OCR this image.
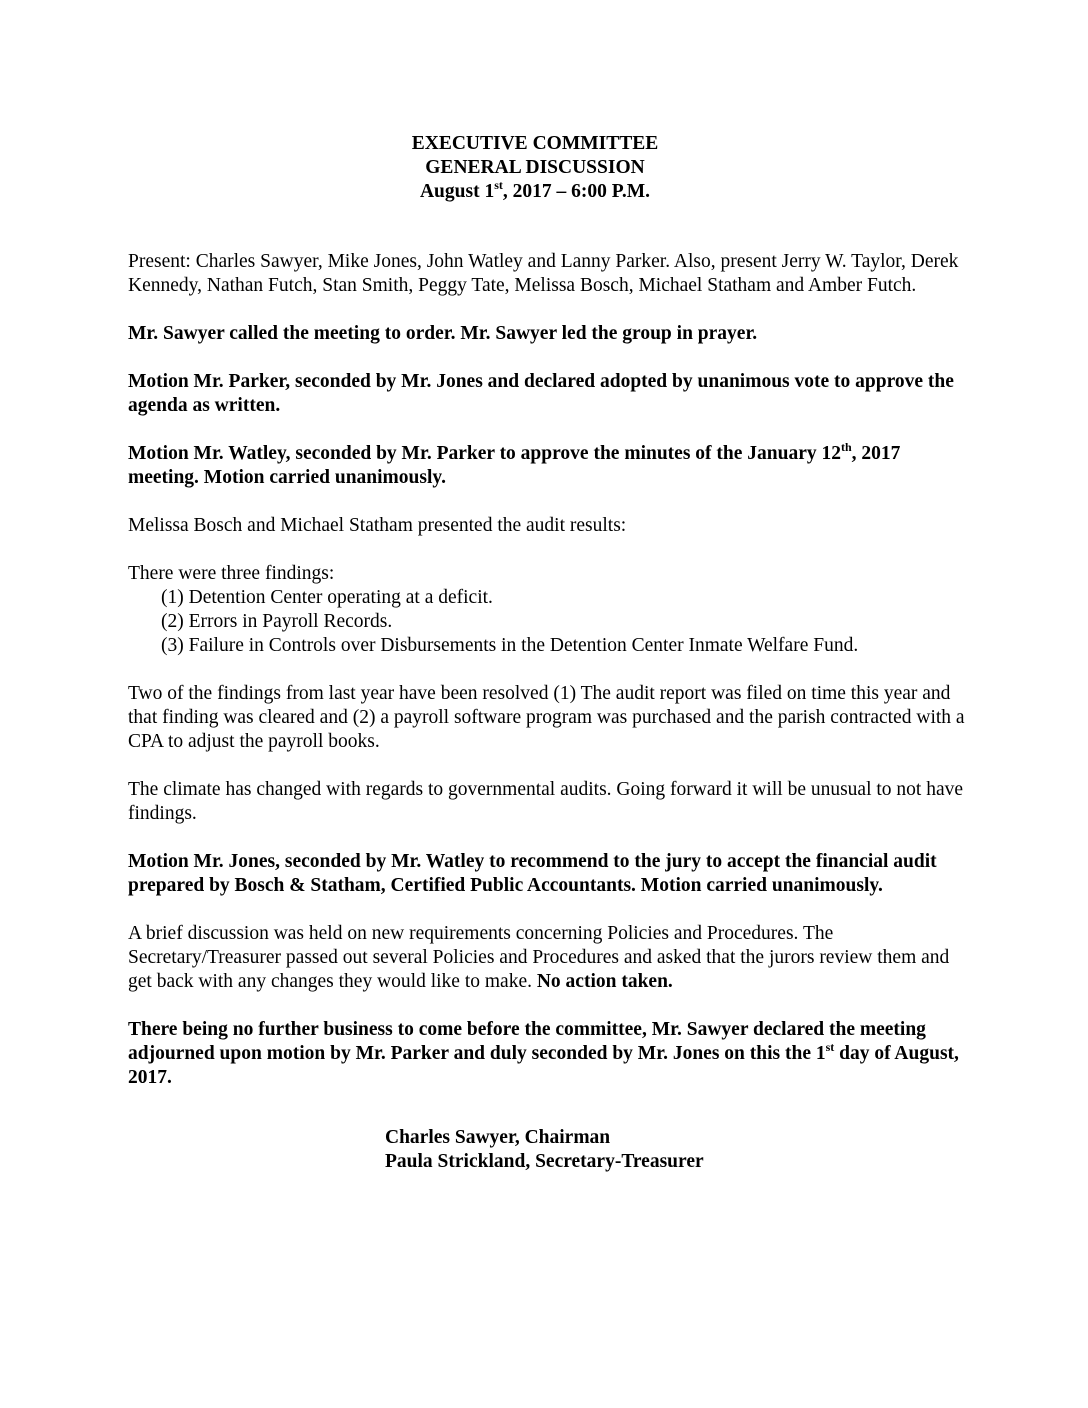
EXECUTIVE COMMITTEE
GENERAL DISCUSSION
August 1st, 2017 – 6:00 P.M.

Present: Charles Sawyer, Mike Jones, John Watley and Lanny Parker. Also, present Jerry W. Taylor, Derek Kennedy, Nathan Futch, Stan Smith, Peggy Tate, Melissa Bosch, Michael Statham and Amber Futch.

Mr. Sawyer called the meeting to order. Mr. Sawyer led the group in prayer.

Motion Mr. Parker, seconded by Mr. Jones and declared adopted by unanimous vote to approve the agenda as written.

Motion Mr. Watley, seconded by Mr. Parker to approve the minutes of the January 12th, 2017 meeting. Motion carried unanimously.

Melissa Bosch and Michael Statham presented the audit results:

There were three findings:
(1) Detention Center operating at a deficit.
(2) Errors in Payroll Records.
(3) Failure in Controls over Disbursements in the Detention Center Inmate Welfare Fund.

Two of the findings from last year have been resolved (1) The audit report was filed on time this year and that finding was cleared and (2) a payroll software program was purchased and the parish contracted with a CPA to adjust the payroll books.

The climate has changed with regards to governmental audits. Going forward it will be unusual to not have findings.

Motion Mr. Jones, seconded by Mr. Watley to recommend to the jury to accept the financial audit prepared by Bosch & Statham, Certified Public Accountants. Motion carried unanimously.

A brief discussion was held on new requirements concerning Policies and Procedures. The Secretary/Treasurer passed out several Policies and Procedures and asked that the jurors review them and get back with any changes they would like to make. No action taken.

There being no further business to come before the committee, Mr. Sawyer declared the meeting adjourned upon motion by Mr. Parker and duly seconded by Mr. Jones on this the 1st day of August, 2017.

Charles Sawyer, Chairman
Paula Strickland, Secretary-Treasurer
